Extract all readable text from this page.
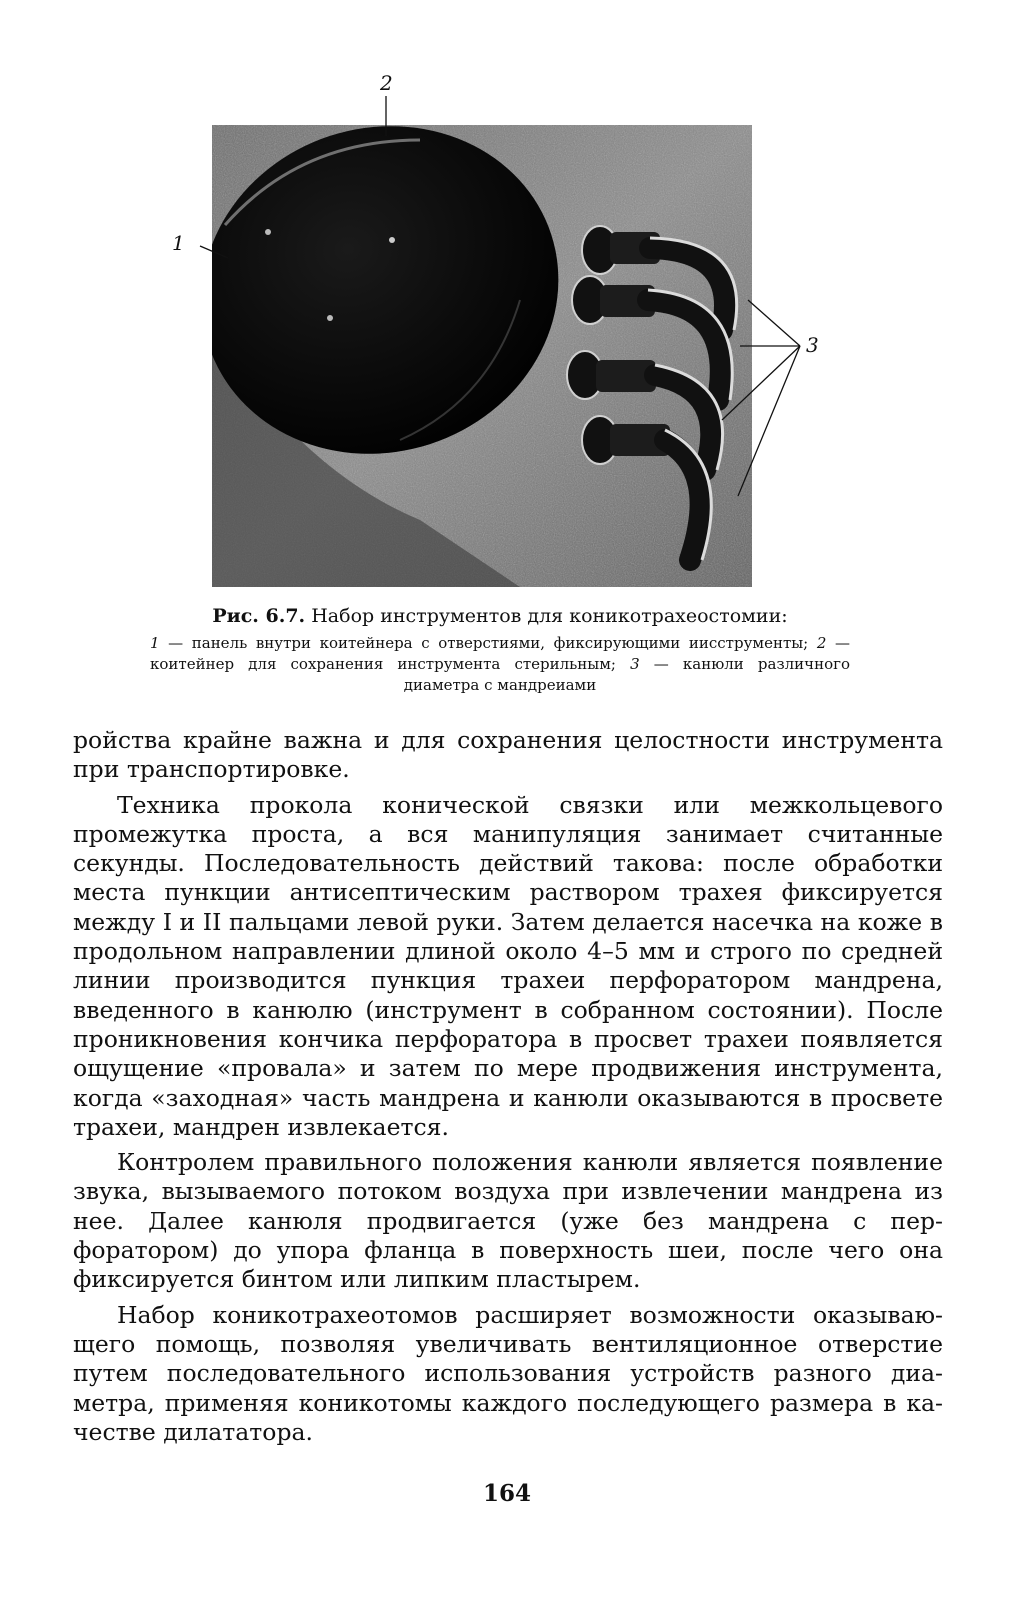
1
2
3

Рис. 6.7. Набор инструментов для коникотрахеостомии:

1 — панель внутри коитейнера с отверстиями, фиксирующими иисструменты; 2 — коитейнер для сохранения инструмента стерильным; 3 — канюли различного диаметра с мандреиами

ройства крайне важна и для сохранения целостности инструмента при транспортировке.

Техника прокола конической связки или межкольцевого промежутка проста, а вся манипуляция занимает считанные секунды. Последовательность действий такова: после обработки места пункции антисептическим раствором трахея фиксируется между I и II пальцами левой руки. Затем делается насечка на коже в продольном направлении длиной около 4–5 мм и строго по средней линии производится пункция трахеи перфоратором мандрена, введенного в канюлю (инструмент в собранном состоянии). После проникновения кончика перфоратора в просвет трахеи появляется ощущение «провала» и затем по мере продвижения инструмента, когда «заходная» часть мандрена и канюли оказываются в просвете трахеи, мандрен извлекается.

Контролем правильного положения канюли является появление звука, вызываемого потоком воздуха при извлечении мандрена из нее. Далее канюля продвигается (уже без мандрена с перфоратором) до упора фланца в поверхность шеи, после чего она фиксируется бинтом или липким пластырем.

Набор коникотрахеотомов расширяет возможности оказывающего помощь, позволяя увеличивать вентиляционное отверстие путем последовательного использования устройств разного диаметра, применяя коникотомы каждого последующего размера в качестве дилататора.

164
